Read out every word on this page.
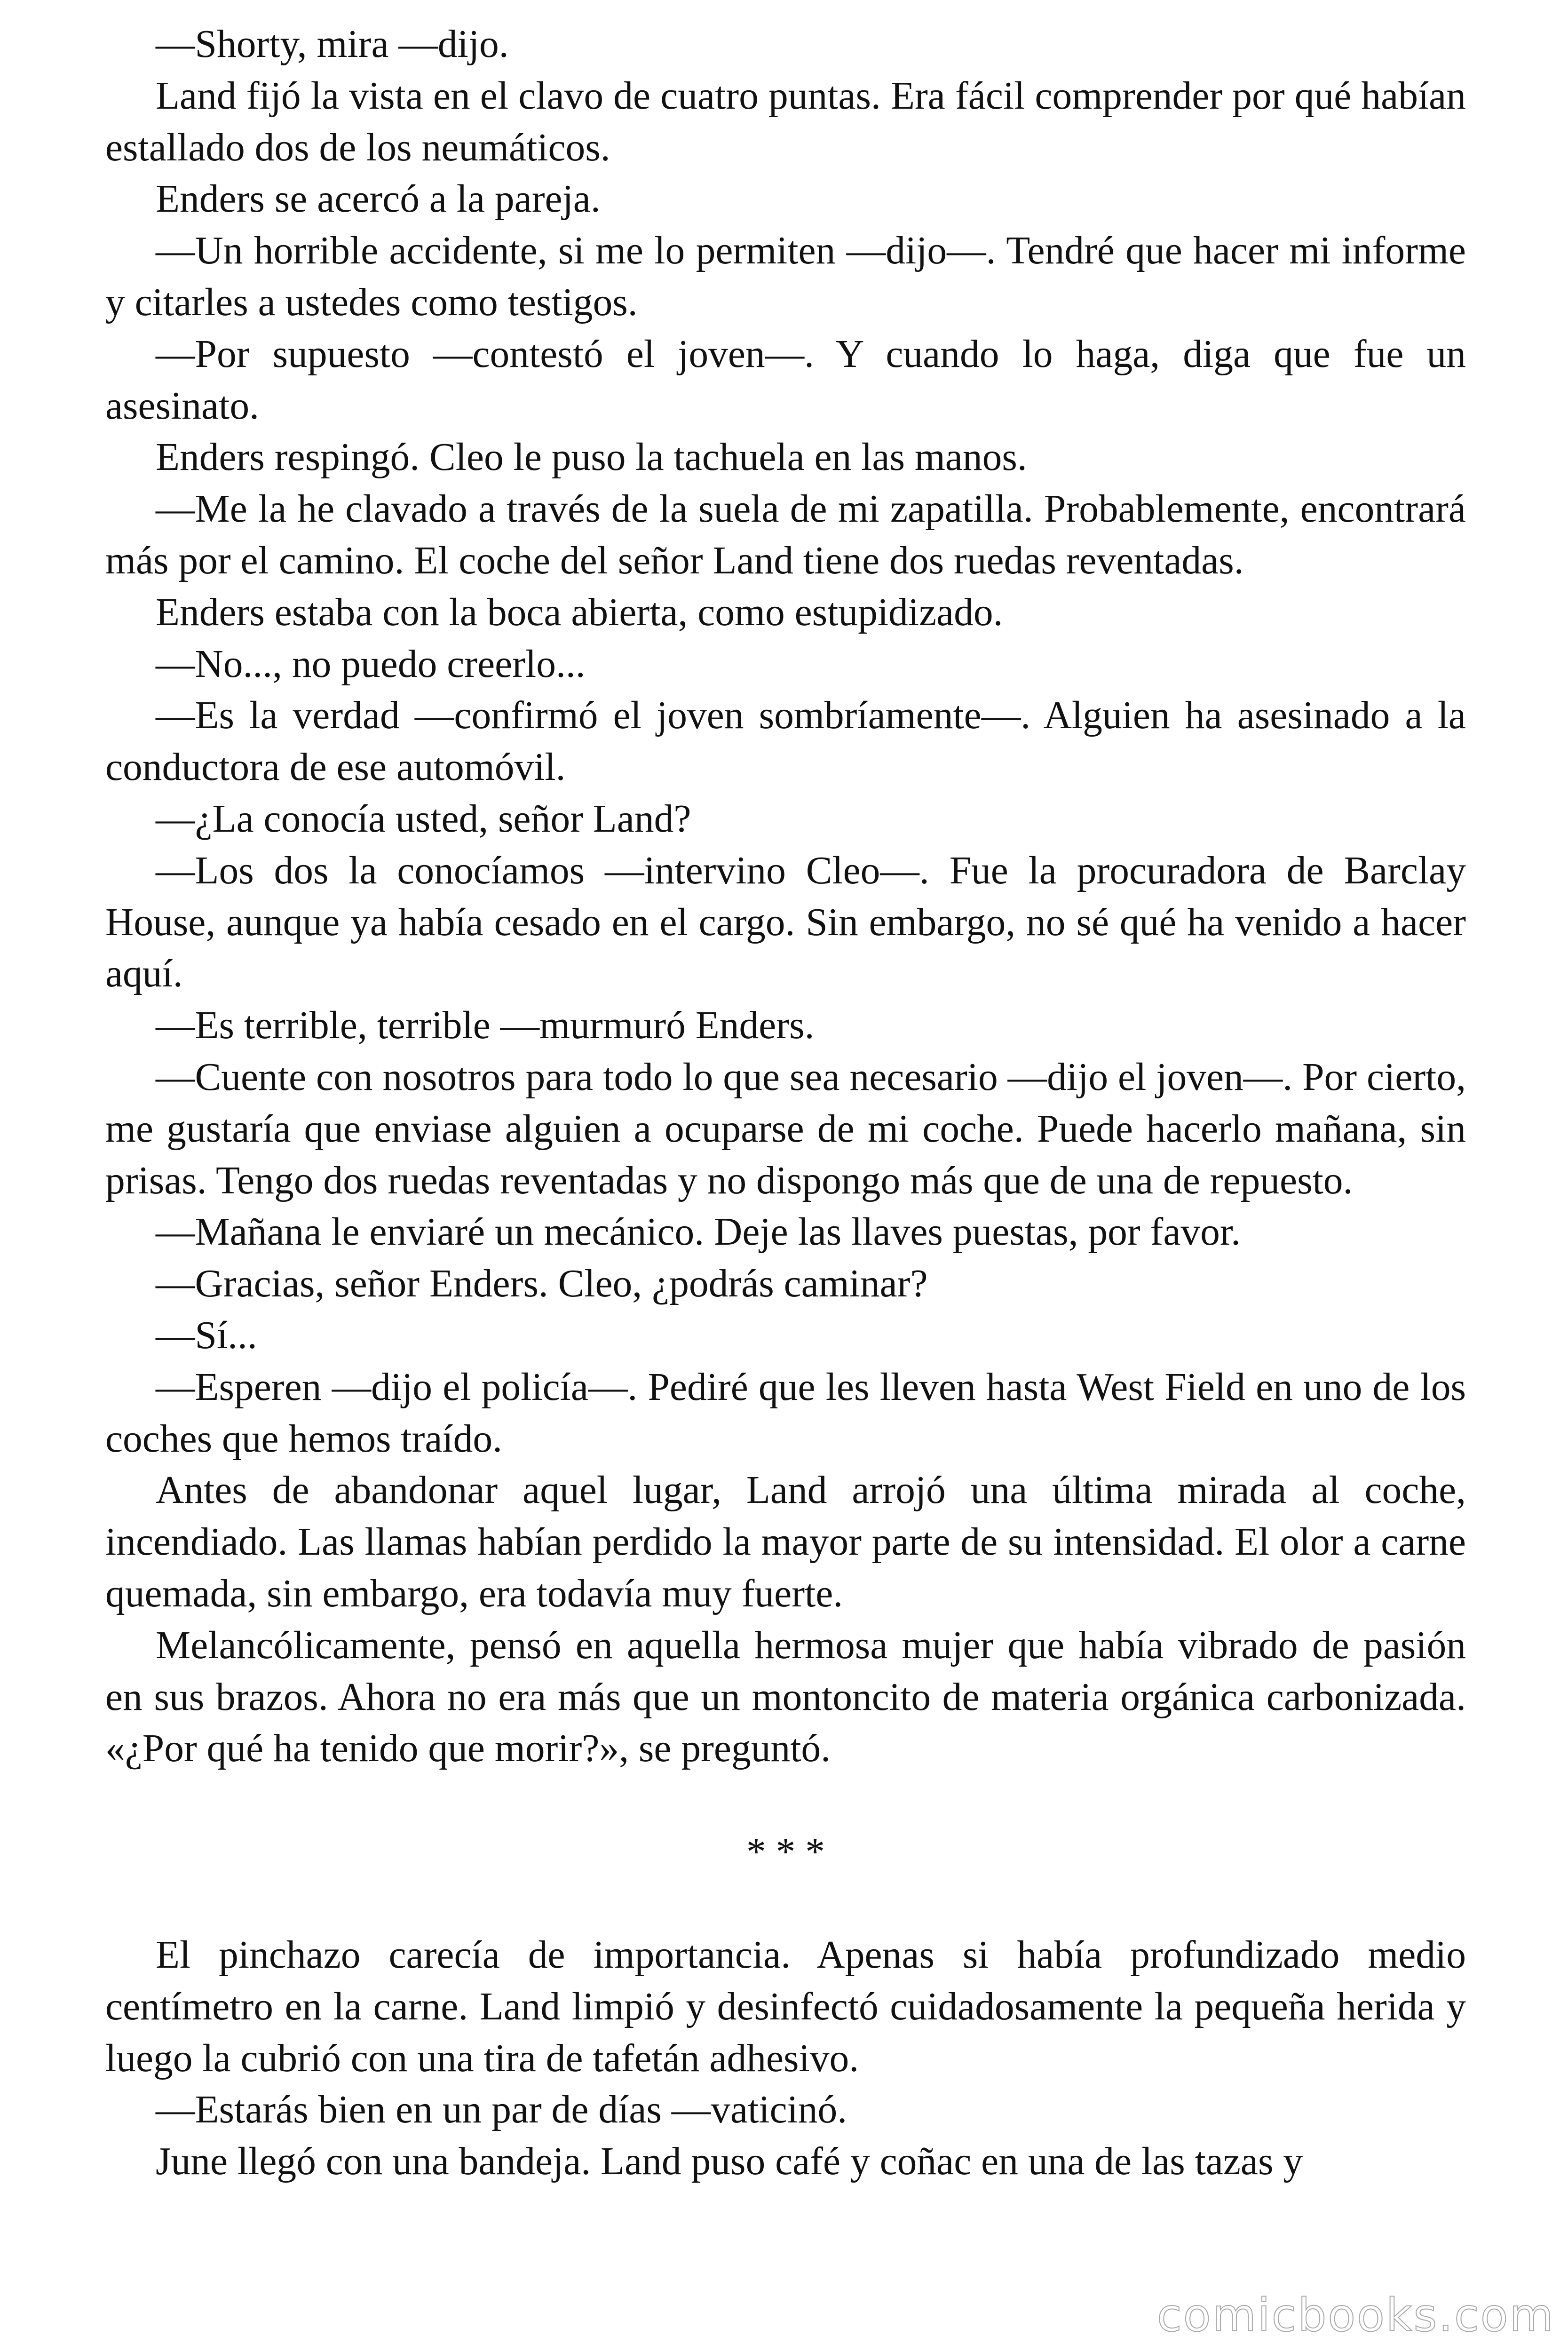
—Shorty, mira —dijo.

Land fijó la vista en el clavo de cuatro puntas. Era fácil comprender por qué habían estallado dos de los neumáticos.

Enders se acercó a la pareja.

—Un horrible accidente, si me lo permiten —dijo—. Tendré que hacer mi informe y citarles a ustedes como testigos.

—Por supuesto —contestó el joven—. Y cuando lo haga, diga que fue un asesinato.

Enders respingó. Cleo le puso la tachuela en las manos.

—Me la he clavado a través de la suela de mi zapatilla. Probablemente, encontrará más por el camino. El coche del señor Land tiene dos ruedas reventadas.

Enders estaba con la boca abierta, como estupidizado.

—No..., no puedo creerlo...

—Es la verdad —confirmó el joven sombríamente—. Alguien ha asesinado a la conductora de ese automóvil.

—¿La conocía usted, señor Land?

—Los dos la conocíamos —intervino Cleo—. Fue la procuradora de Barclay House, aunque ya había cesado en el cargo. Sin embargo, no sé qué ha venido a hacer aquí.

—Es terrible, terrible —murmuró Enders.

—Cuente con nosotros para todo lo que sea necesario —dijo el joven—. Por cierto, me gustaría que enviase alguien a ocuparse de mi coche. Puede hacerlo mañana, sin prisas. Tengo dos ruedas reventadas y no dispongo más que de una de repuesto.

—Mañana le enviaré un mecánico. Deje las llaves puestas, por favor.

—Gracias, señor Enders. Cleo, ¿podrás caminar?

—Sí...

—Esperen —dijo el policía—. Pediré que les lleven hasta West Field en uno de los coches que hemos traído.

Antes de abandonar aquel lugar, Land arrojó una última mirada al coche, incendiado. Las llamas habían perdido la mayor parte de su intensidad. El olor a carne quemada, sin embargo, era todavía muy fuerte.

Melancólicamente, pensó en aquella hermosa mujer que había vibrado de pasión en sus brazos. Ahora no era más que un montoncito de materia orgánica carbonizada. «¿Por qué ha tenido que morir?», se preguntó.

* * *

El pinchazo carecía de importancia. Apenas si había profundizado medio centímetro en la carne. Land limpió y desinfectó cuidadosamente la pequeña herida y luego la cubrió con una tira de tafetán adhesivo.

—Estarás bien en un par de días —vaticinó.

June llegó con una bandeja. Land puso café y coñac en una de las tazas y

comicbooks.com
